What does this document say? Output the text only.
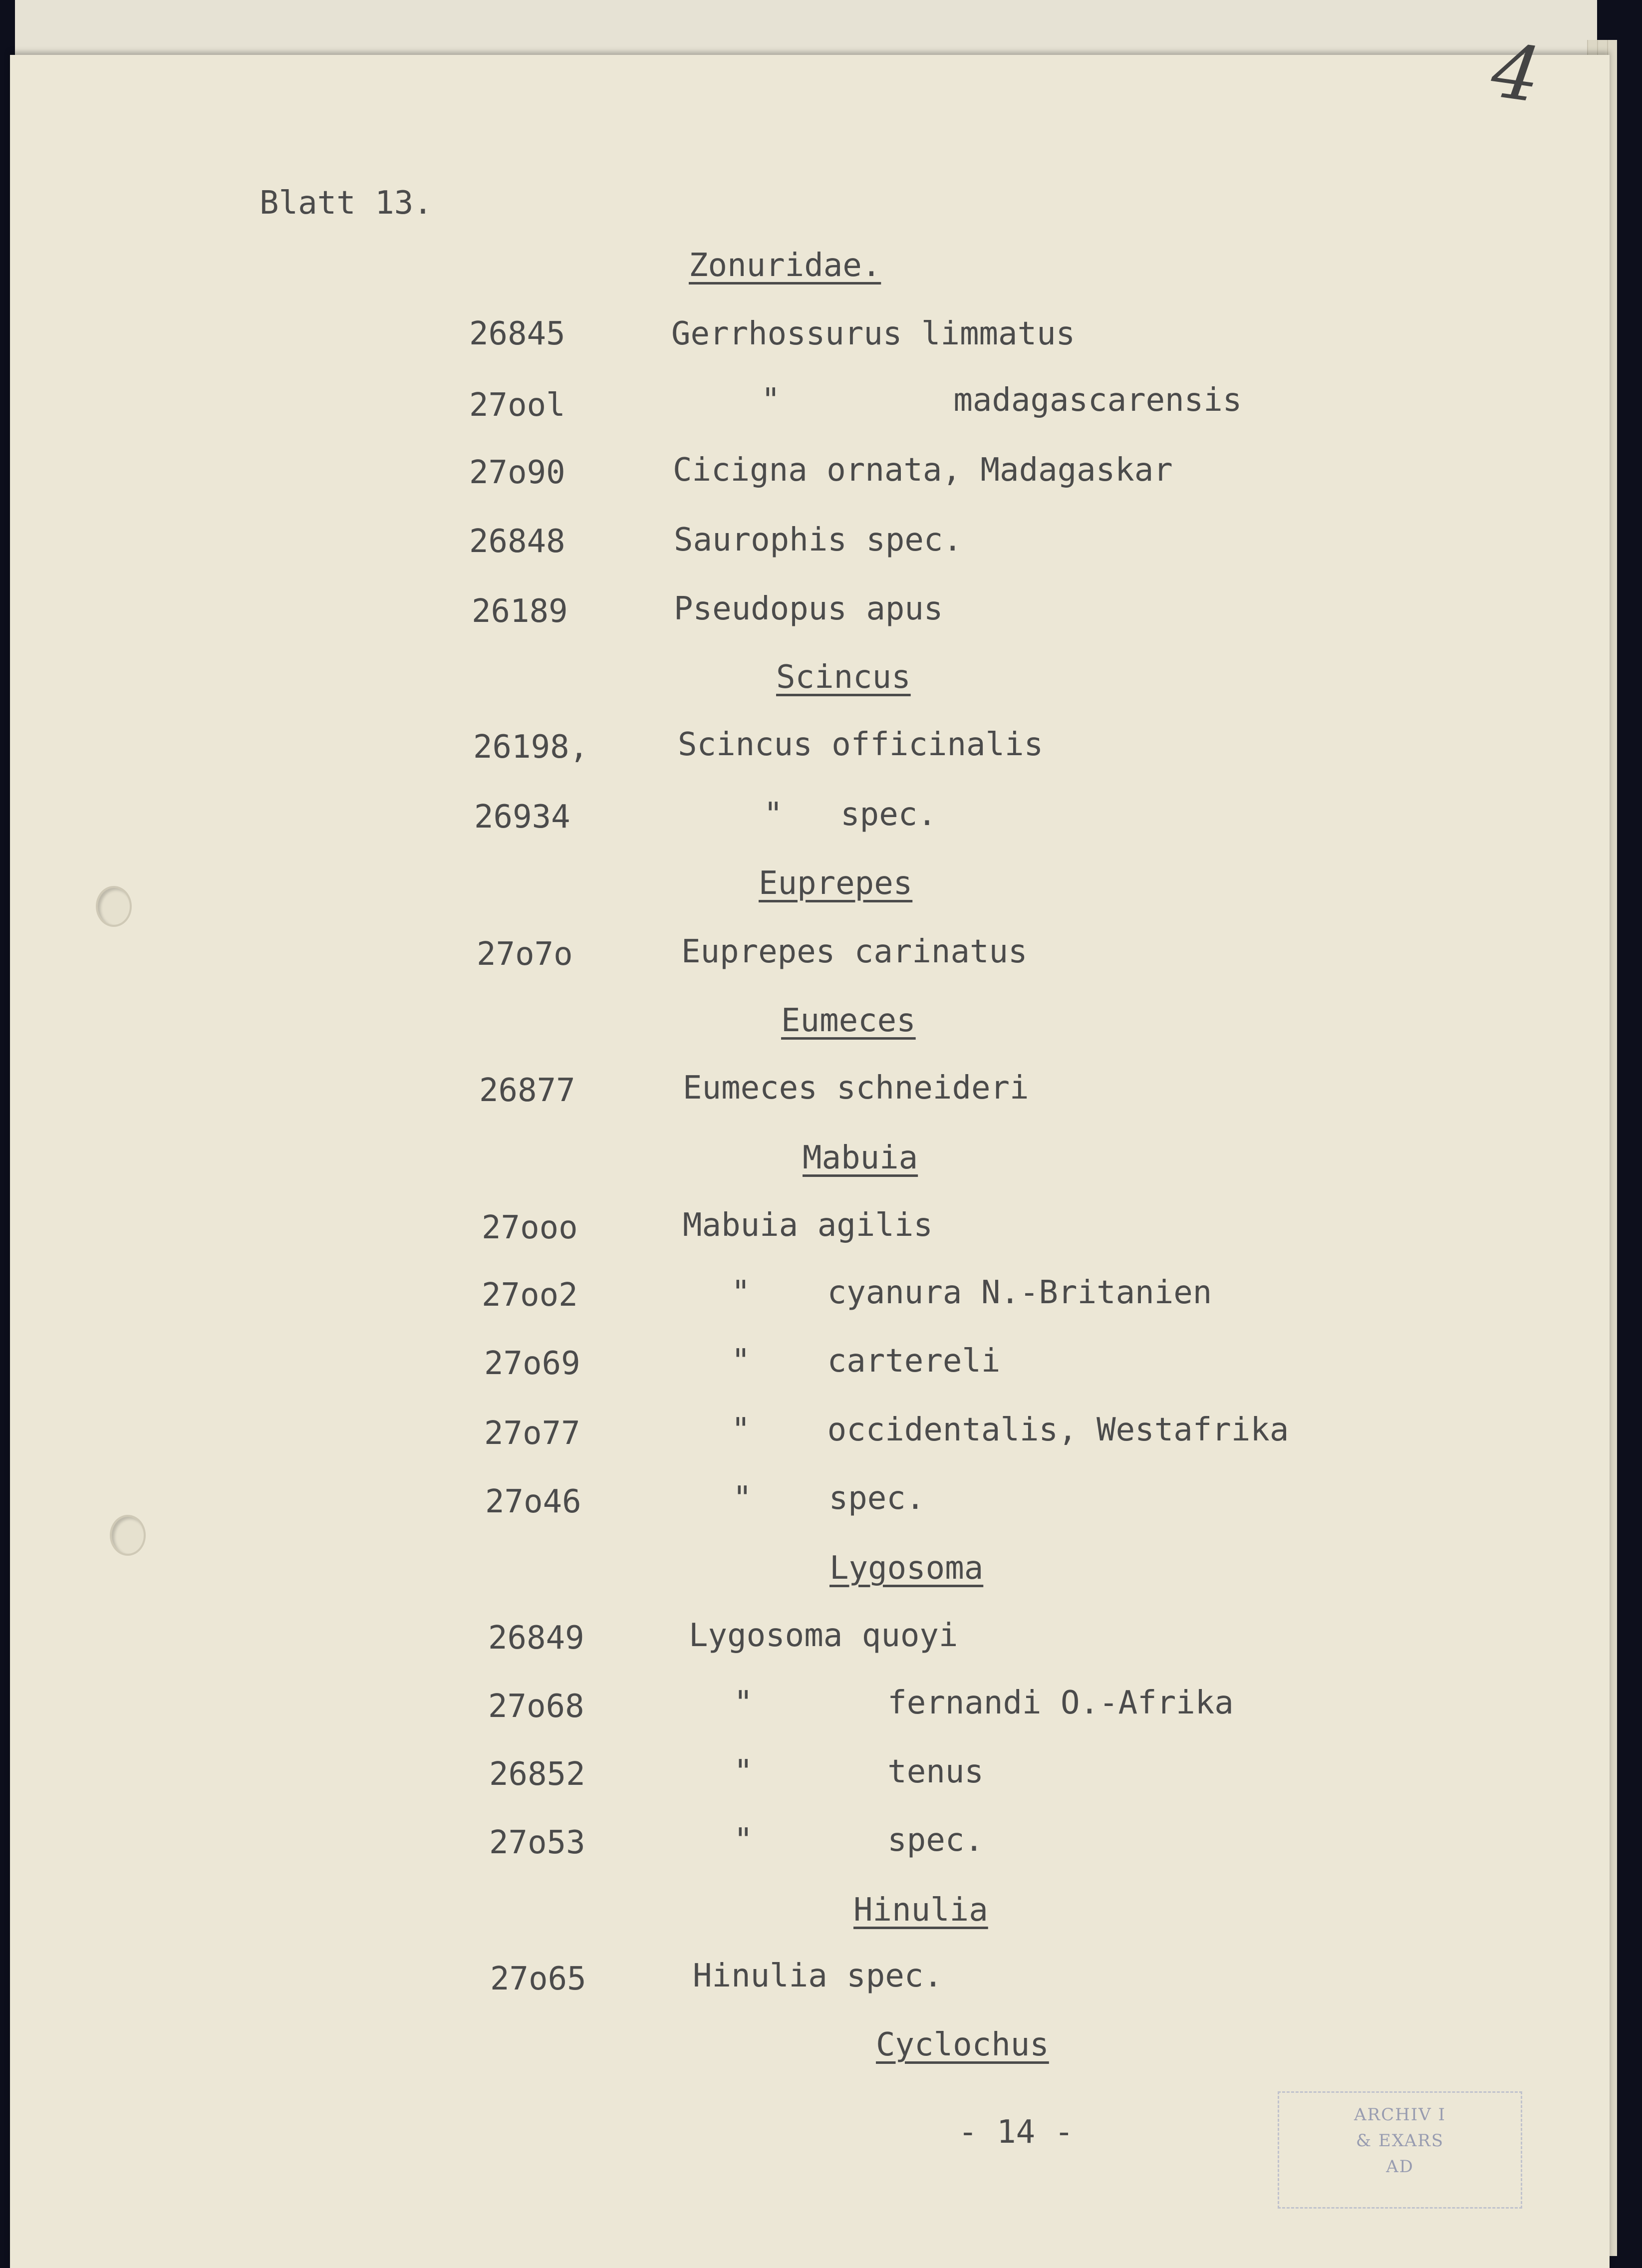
4
Blatt 13.
Zonuridae.
26845	Gerrhossurus limmatus
27ool	"         madagascarensis
27o90	Cicigna ornata, Madagaskar
26848	Saurophis spec.
26189	Pseudopus apus
Scincus
26198,	Scincus officinalis
26934	"   spec.
Euprepes
27o7o	Euprepes carinatus
Eumeces
26877	Eumeces schneideri
Mabuia
27ooo	Mabuia agilis
27oo2	"    cyanura N.-Britanien
27o69	"    cartereli
27o77	"    occidentalis, Westafrika
27o46	"    spec.
Lygosoma
26849	Lygosoma quoyi
27o68	"       fernandi O.-Afrika
26852	"       tenus
27o53	"       spec.
Hinulia
27o65	Hinulia spec.
Cyclochus
- 14 -	ARCHIV I
& EXARS
AD
